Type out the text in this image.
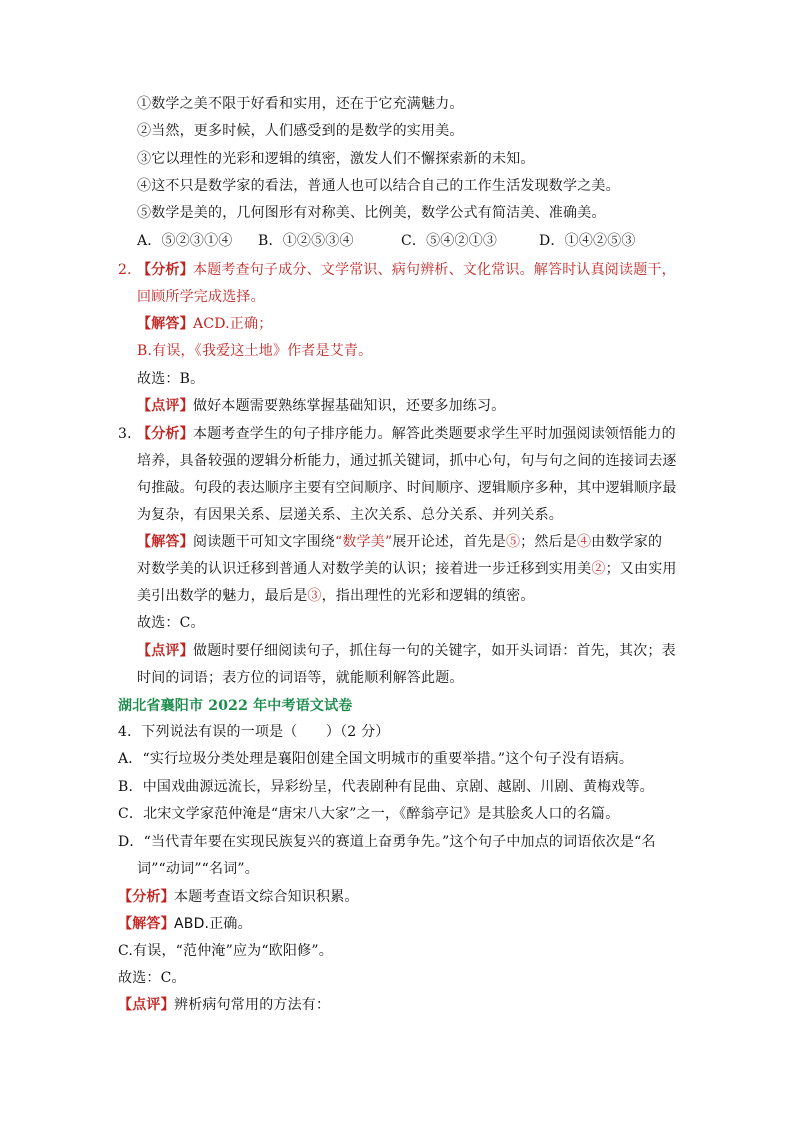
①数学之美不限于好看和实用，还在于它充满魅力。
②当然，更多时候，人们感受到的是数学的实用美。
③它以理性的光彩和逻辑的缜密，激发人们不懈探索新的未知。
④这不只是数学家的看法，普通人也可以结合自己的工作生活发现数学之美。
⑤数学是美的，几何图形有对称美、比例美，数学公式有简洁美、准确美。
A．⑤②③①④ B．①②⑤③④	C．⑤④②①③	D．①④②⑤③
2．
【分析】 本题考查句子成分、文学常识、病句辨析、文化常识。解答时认真阅读题干，
回顾所学完成选择。
【解答】 ACD.正确；
B.有误，《我爱这土地》作者是艾青。
故选：B。
【点评】 做好本题需要熟练掌握基础知识，还要多加练习。
3．
【分析】 本题考查学生的句子排序能力。解答此类题要求学生平时加强阅读领悟能力的
培养，具备较强的逻辑分析能力，通过抓关键词，抓中心句，句与句之间的连接词去逐
句推敲。句段的表达顺序主要有空间顺序、时间顺序、逻辑顺序多种，其中逻辑顺序最
为复杂，有因果关系、层递关系、主次关系、总分关系、并列关系。
【解答】 阅读题干可知文字围绕“数学美”展开论述，首先是⑤；然后是④由数学家的
对数学美的认识迁移到普通人对数学美的认识；接着进一步迁移到实用美②；又由实用
美引出数学的魅力，最后是③，指出理性的光彩和逻辑的缜密。
故选：C。
【点评】 做题时要仔细阅读句子，抓住每一句的关键字，如开头词语：首先，其次；表
时间的词语；表方位的词语等，就能顺利解答此题。
湖北省襄阳市 2022 年中考语文试卷
4．下列说法有误的一项是（　　）（2 分）
A．“实行垃圾分类处理是襄阳创建全国文明城市的重要举措。”这个句子没有语病。
B．中国戏曲源远流长，异彩纷呈，代表剧种有昆曲、京剧、越剧、川剧、黄梅戏等。
C．北宋文学家范仲淹是“唐宋八大家”之一，《醉翁亭记》是其脍炙人口的名篇。
D．“当代青年要在实现民族复兴的赛道上奋勇争先。”这个句子中加点的词语依次是“名
词”“动词”“名词”。
【分析】 本题考查语文综合知识积累。
【解答】 ABD.正确。
C.有误，“范仲淹”应为“欧阳修”。
故选：C。
【点评】 辨析病句常用的方法有：
